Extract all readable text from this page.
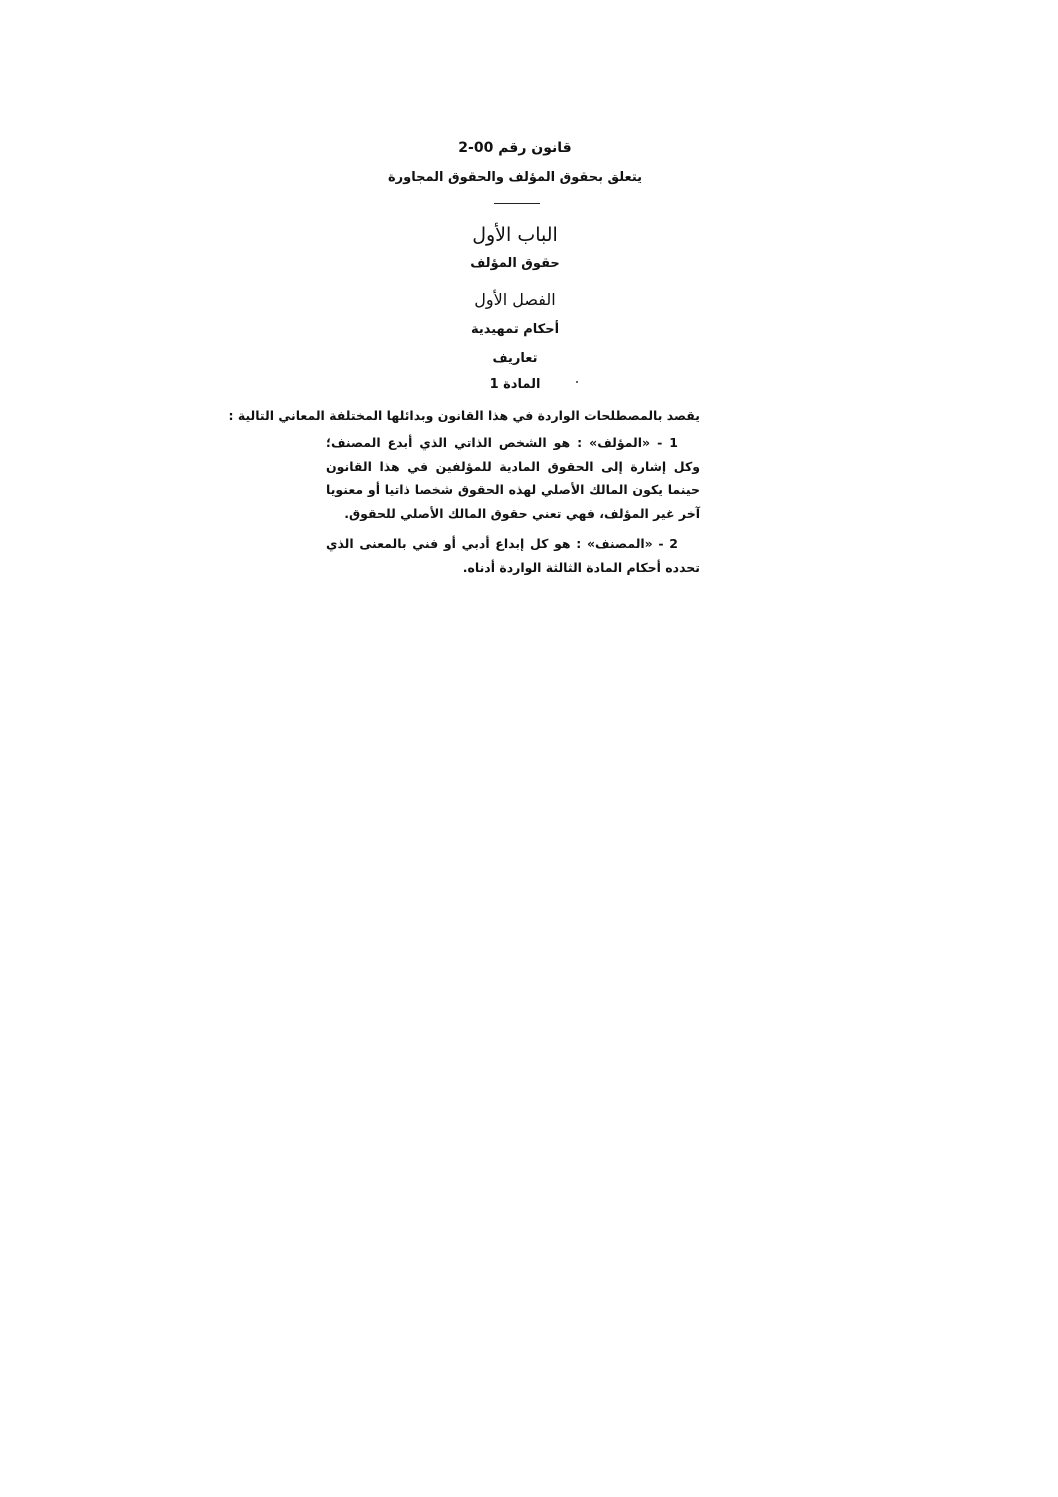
قانون رقم 00-2
يتعلق بحقوق المؤلف والحقوق المجاورة
الباب الأول
حقوق المؤلف
الفصل الأول
أحكام تمهيدية
تعاريف
المادة 1
يقصد بالمصطلحات الواردة في هذا القانون وبدائلها المختلفة المعاني التالية :
1 - «المؤلف» : هو الشخص الذاتي الذي أبدع المصنف؛ وكل إشارة إلى الحقوق المادية للمؤلفين في هذا القانون حينما يكون المالك الأصلي لهذه الحقوق شخصا ذاتيا أو معنويا آخر غير المؤلف، فهي تعني حقوق المالك الأصلي للحقوق.
2 - «المصنف» : هو كل إبداع أدبي أو فني بالمعنى الذي تحدده أحكام المادة الثالثة الواردة أدناه.
